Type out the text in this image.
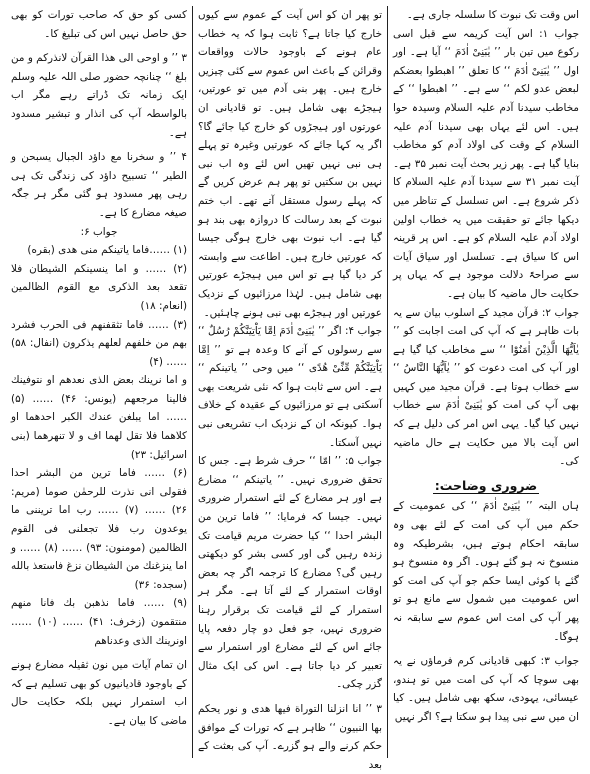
اس وقت تک نبوت کا سلسلہ جاری ہے۔

جواب ۱: اس آیت کریمہ سے قبل اسی رکوع میں تین بار ’’ یٰبَنِیْ اٰدَمَ ‘‘ آیا ہے۔ اور اول ’’ یٰبَنِیْ اٰدَمَ ‘‘ کا تعلق ’’ اهبطوا بعضكم لبعض عدو لكم ‘‘ سے ہے۔ ’’ اهبطوا ‘‘ کے مخاطب سیدنا آدم علیہ السلام وسیدہ حوا ہیں۔ اس لئے یہاں بھی سیدنا آدم علیہ السلام کے وقت کی اولاد آدم کو مخاطب بنایا گیا ہے۔ پھر زیر بحث آیت نمبر ۳۵ ہے۔ آیت نمبر ۳۱ سے سیدنا آدم علیہ السلام کا ذکر شروع ہے۔ اس تسلسل کے تناظر میں دیکھا جائے تو حقیقت میں یہ خطاب اولین اولاد آدم علیہ السلام کو ہے۔ اس پر قرینہ اس کا سیاق ہے۔ تسلسل اور سیاق آیات سے صراحۃً دلالت موجود ہے کہ یہاں پر حکایت حال ماضیہ کا بیان ہے۔

جواب ۲: قرآن مجید کے اسلوب بیان سے یہ بات ظاہر ہے کہ آپ کی امت اجابت کو ’’ یٰاَیُّهَا الَّذِیْنَ اٰمَنُوْا ‘‘ سے مخاطب کیا گیا ہے اور آپ کی امت دعوت کو ’’ یٰاَیُّهَا النَّاسُ ‘‘ سے خطاب ہوتا ہے۔ قرآن مجید میں کہیں بھی آپ کی امت کو یٰبَنِیْ اٰدَمَ سے خطاب نہیں کیا گیا۔ یہی اس امر کی دلیل ہے کہ اس آیت بالا میں حکایت ہے حال ماضیہ کی۔

ضروری وضاحت:

ہاں البتہ ’’ یٰبَنِیْ اٰدَمَ ‘‘ کی عمومیت کے حکم میں آپ کی امت کے لئے بھی وہ سابقہ احکام ہوتے ہیں، بشرطیکہ وہ منسوخ نہ ہو گئے ہوں۔ اگر وہ منسوخ ہو گئے یا کوئی ایسا حکم جو آپ کی امت کو اس عمومیت میں شمول سے مانع ہو تو پھر آپ کی امت اس عموم سے سابقہ نہ ہوگا۔

جواب ۳: کبھی قادیانی کرم فرماؤں نے یہ بھی سوچا کہ آپ کی امت میں تو ہندو، عیسائی، یہودی، سکھ بھی شامل ہیں۔ کیا ان میں سے نبی پیدا ہو سکتا ہے؟ اگر نہیں

تو پھر ان کو اس آیت کے عموم سے کیوں خارج کیا جاتا ہے؟ ثابت ہوا کہ یہ خطاب عام ہونے کے باوجود حالات وواقعات وقرائن کے باعث اس عموم سے کئی چیزیں خارج ہیں۔ پھر بنی آدم میں تو عورتیں، ہیجڑے بھی شامل ہیں۔ تو قادیانی ان عورتوں اور ہیجڑوں کو خارج کیا جائے گا؟ اگر یہ کہا جائے کہ عورتیں وغیرہ تو پہلے ہی نبی نہیں تھیں اس لئے وہ اب نبی نہیں بن سکتیں تو پھر ہم عرض کریں گے کہ پہلے رسول مستقل آتے تھے۔ اب ختم نبوت کے بعد رسالت کا دروازہ بھی بند ہو گیا ہے۔ اب نبوت بھی خارج ہوگی جیسا کہ عورتیں خارج ہیں۔ اطاعت سے وابستہ کر دیا گیا ہے تو اس میں ہیجڑے عورتیں بھی شامل ہیں۔ لہٰذا مرزائیوں کے نزدیک عورتیں اور ہیجڑے بھی نبی ہونے چاہئیں۔

جواب ۴: اگر ’’ یٰبَنِیْ اٰدَمَ اِمَّا یَاْتِیَنَّكُمْ رُسُلٌ ‘‘ سے رسولوں کے آنے کا وعدہ ہے تو ’’ اِمَّا یَاْتِیَنَّكُمْ مِّنِّیْ هُدًى ‘‘ میں وحی ’’ یاتینکم ‘‘ ہے۔ اس سے ثابت ہوا کہ نئی شریعت بھی آسکتی ہے تو مرزائیوں کے عقیدہ کے خلاف ہوا۔ کیونکہ ان کے نزدیک اب تشریعی نبی نہیں آسکتا۔

جواب ۵: ’’ امّا ‘‘ حرف شرط ہے۔ جس کا تحقق ضروری نہیں۔ ’’ یاتینکم ‘‘ مضارع ہے اور ہر مضارع کے لئے استمرار ضروری نہیں۔ جیسا کہ فرمایا: ’’ فاما ترین من البشر احدا ‘‘ کیا حضرت مریم قیامت تک زندہ رہیں گی اور کسی بشر کو دیکھتی رہیں گی؟ مضارع کا ترجمہ اگر چہ بعض اوقات استمرار کے لئے آتا ہے۔ مگر ہر استمرار کے لئے قیامت تک برقرار رہنا ضروری نہیں، جو فعل دو چار دفعہ پایا جائے اس کے لئے مضارع اور استمرار سے تعبیر کر دیا جاتا ہے۔ اس کی ایک مثال گزر چکی۔

۳ ’’ انا انزلنا التوراة فیها هدى و نور یحكم بها النبیون ‘‘ ظاہر ہے کہ تورات کے موافق حکم کرنے والے ہو گزرے۔ آپ کی بعثت کے بعد

کسی کو حق کہ صاحب تورات کو بھی حق حاصل نہیں اس کی تبلیغ کا۔

۳ ’’ و اوحی الی هذا القرآن لانذركم و من بلغ ‘‘ چنانچہ حضور صلی اللہ علیہ وسلم ایک زمانہ تک ڈراتے رہے مگر اب بالواسطہ آپ کی انذار و تبشیر مسدود ہے۔

۴ ’’ و سخرنا مع داؤد الجبال یسبحن و الطیر ‘‘ تسبیح داؤد کی زندگی تک ہی رہی پھر مسدود ہو گئی مگر ہر جگہ صیغہ مضارع کا ہے۔

جواب ۶:

(۱) ……فاما یاتینكم منی هدى (بقره)

(۲) …… و اما ینسینكم الشیطان فلا تقعد بعد الذكرى مع القوم الظالمین (انعام: ۱۸)

(۳) …… فاما تثقفنهم فی الحرب فشرد بهم من خلفهم لعلهم یذكرون (انفال: ۵۸) …… (۴)

و اما نرینك بعض الذی نعدهم او نتوفینك فالینا مرجعهم (یونس: ۴۶) …… (۵) …… اما یبلغن عندك الكبر احدهما او كلاهما فلا تقل لهما اف و لا تنهرهما (بنی اسرائیل: ۲۳)

(۶) …… فاما ترین من البشر احدا فقولی انی نذرت للرحمٰن صوما (مریم: ۲۶) …… (۷) …… رب اما تریننی ما یوعدون رب فلا تجعلنی فی القوم الظالمین (مومنون: ۹۳) …… (۸) …… و اما ینزغنك من الشیطان نزغ فاستعذ بالله (سجده: ۳۶)

(۹) …… فاما نذهبن بك فانا منهم منتقمون (زخرف: ۴۱) …… (۱۰) …… اونرینك الذی وعدناهم

ان تمام آیات میں نون ثقیلہ مضارع ہونے کے باوجود قادیانیوں کو بھی تسلیم ہے کہ اب استمرار نہیں بلکہ حکایت حال ماضی کا بیان ہے۔
